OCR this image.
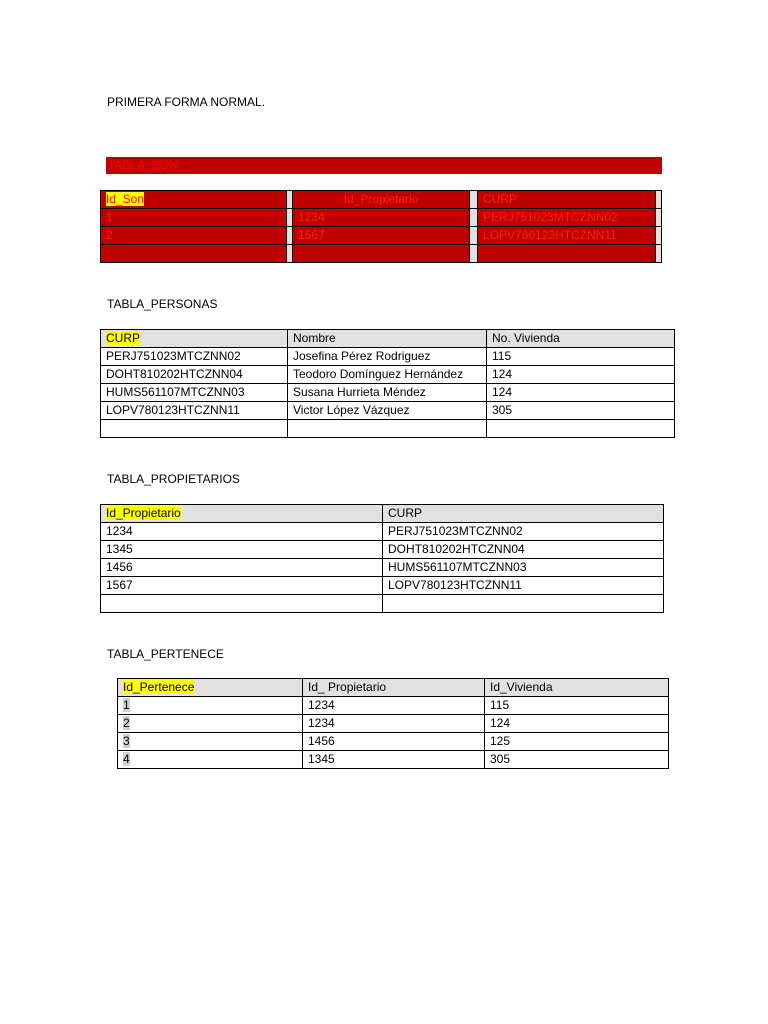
PRIMERA FORMA NORMAL.
TABLA_SON
Id_Son		Id_Propietario		CURP	
1		1234		PERJ751023MTCZNN02	
2		1567		LOPV780123HTCZNN11	

TABLA_PERSONAS
CURP	Nombre	No. Vivienda
PERJ751023MTCZNN02	Josefina Pérez Rodriguez	115
DOHT810202HTCZNN04	Teodoro Domínguez Hernández	124
HUMS561107MTCZNN03	Susana Hurrieta Méndez	124
LOPV780123HTCZNN11	Victor López Vázquez	305

TABLA_PROPIETARIOS
Id_Propietario	CURP
1234	PERJ751023MTCZNN02
1345	DOHT810202HTCZNN04
1456	HUMS561107MTCZNN03
1567	LOPV780123HTCZNN11

TABLA_PERTENECE
Id_Pertenece	Id_ Propietario	Id_Vivienda
1	1234	115
2	1234	124
3	1456	125
4	1345	305
